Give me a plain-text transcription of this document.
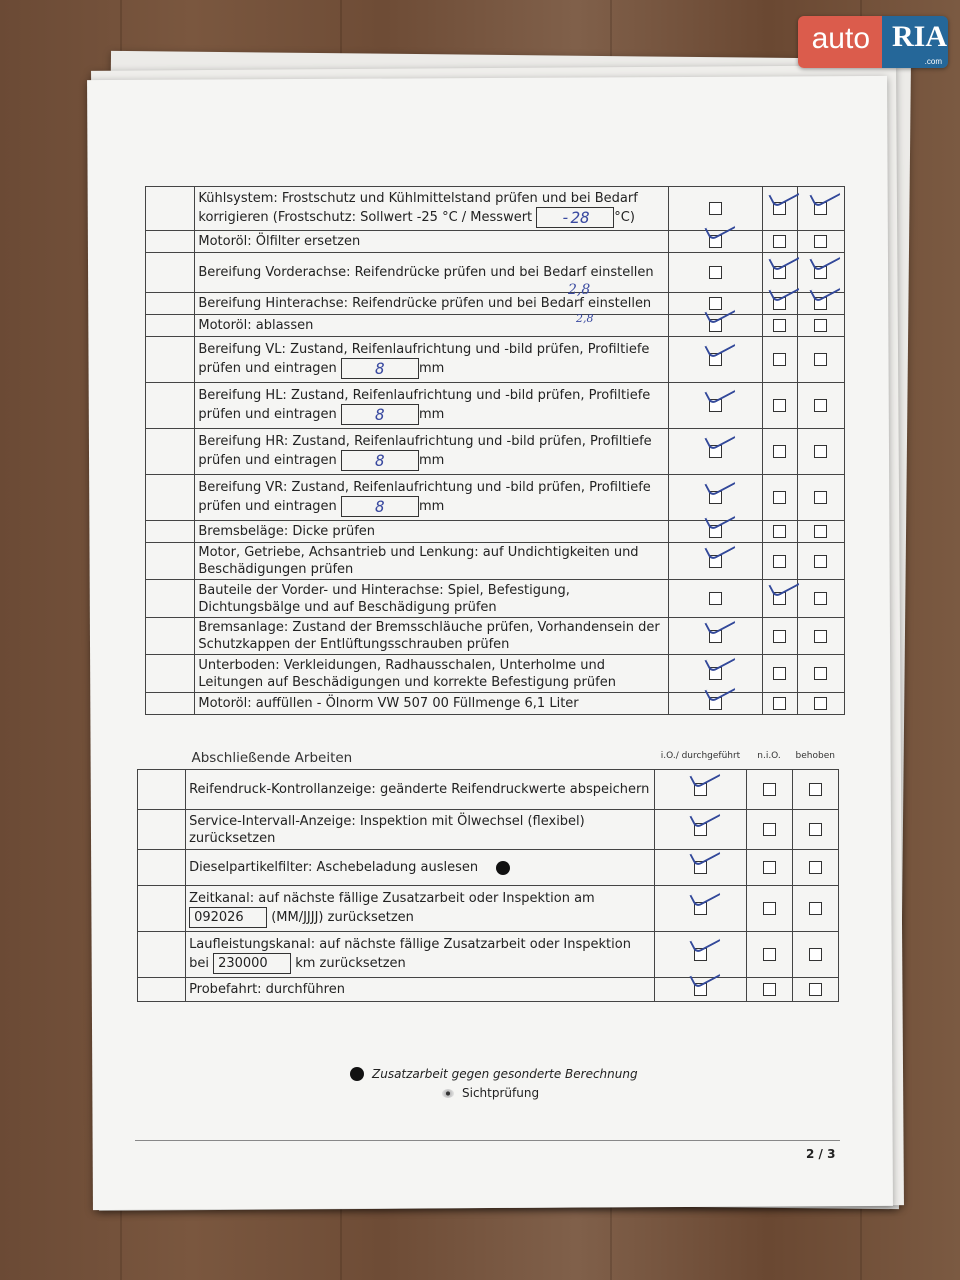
auto RIA
.com
	Kühlsystem: Frostschutz und Kühlmittelstand prüfen und bei Bedarf korrigieren (Frostschutz: Sollwert -25 °C / Messwert -28 °C)			
	Motoröl: Ölfilter ersetzen			
	Bereifung Vorderachse: Reifendrücke prüfen und bei Bedarf einstellen			
	Bereifung Hinterachse: Reifendrücke prüfen und bei Bedarf einstellen			
	Motoröl: ablassen			
	Bereifung VL: Zustand, Reifenlaufrichtung und -bild prüfen, Profiltiefe prüfen und eintragen 8 mm			
	Bereifung HL: Zustand, Reifenlaufrichtung und -bild prüfen, Profiltiefe prüfen und eintragen 8 mm			
	Bereifung HR: Zustand, Reifenlaufrichtung und -bild prüfen, Profiltiefe prüfen und eintragen 8 mm			
	Bereifung VR: Zustand, Reifenlaufrichtung und -bild prüfen, Profiltiefe prüfen und eintragen 8 mm			
	Bremsbeläge: Dicke prüfen			
	Motor, Getriebe, Achsantrieb und Lenkung: auf Undichtigkeiten und Beschädigungen prüfen			
	Bauteile der Vorder- und Hinterachse: Spiel, Befestigung, Dichtungsbälge und auf Beschädigung prüfen			
	Bremsanlage: Zustand der Bremsschläuche prüfen, Vorhandensein der Schutzkappen der Entlüftungsschrauben prüfen			
	Unterboden: Verkleidungen, Radhausschalen, Unterholme und Leitungen auf Beschädigungen und korrekte Befestigung prüfen			
	Motoröl: auffüllen - Ölnorm VW 507 00 Füllmenge 6,1 Liter			
2,8
2,8
Abschließende Arbeiten		i.O./ durchgeführt	n.i.O.	behoben
	Reifendruck-Kontrollanzeige: geänderte Reifendruckwerte abspeichern			
	Service-Intervall-Anzeige: Inspektion mit Ölwechsel (flexibel) zurücksetzen			
	Dieselpartikelfilter: Aschebeladung auslesen			
	Zeitkanal: auf nächste fällige Zusatzarbeit oder Inspektion am
092026 (MM/JJJJ) zurücksetzen			
	Laufleistungskanal: auf nächste fällige Zusatzarbeit oder Inspektion
bei 230000 km zurücksetzen			
	Probefahrt: durchführen			
Zusatzarbeit gegen gesonderte Berechnung
Sichtprüfung
2 / 3
